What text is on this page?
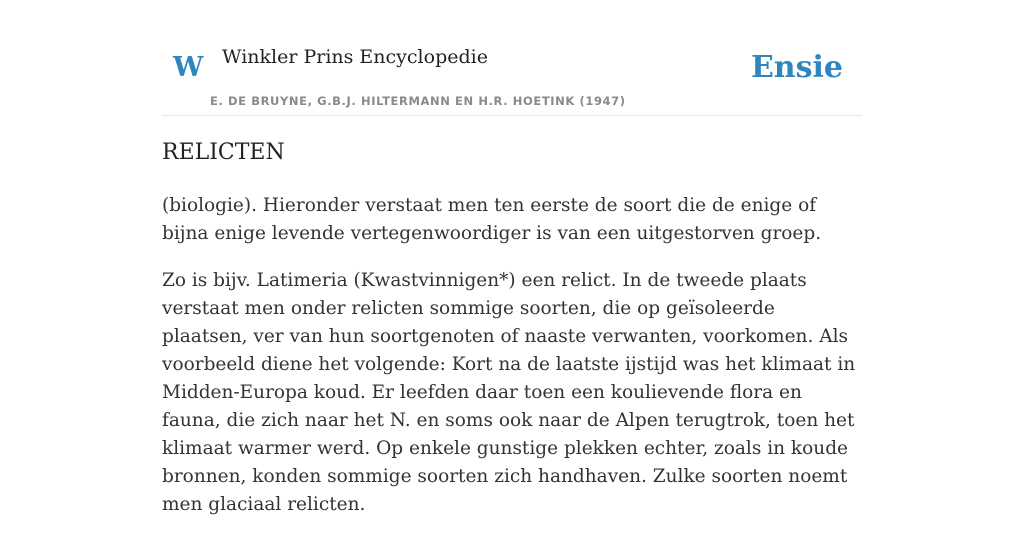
W Winkler Prins Encyclopedie
E. DE BRUYNE, G.B.J. HILTERMANN EN H.R. HOETINK (1947)
Ensie
RELICTEN

(biologie). Hieronder verstaat men ten eerste de soort die de enige of bijna enige levende vertegenwoordiger is van een uitgestorven groep.

Zo is bijv. Latimeria (Kwastvinnigen*) een relict. In de tweede plaats verstaat men onder relicten sommige soorten, die op geïsoleerde plaatsen, ver van hun soortgenoten of naaste verwanten, voorkomen. Als voorbeeld diene het volgende: Kort na de laatste ijstijd was het klimaat in Midden-Europa koud. Er leefden daar toen een koulievende flora en fauna, die zich naar het N. en soms ook naar de Alpen terugtrok, toen het klimaat warmer werd. Op enkele gunstige plekken echter, zoals in koude bronnen, konden sommige soorten zich handhaven. Zulke soorten noemt men glaciaal relicten.
